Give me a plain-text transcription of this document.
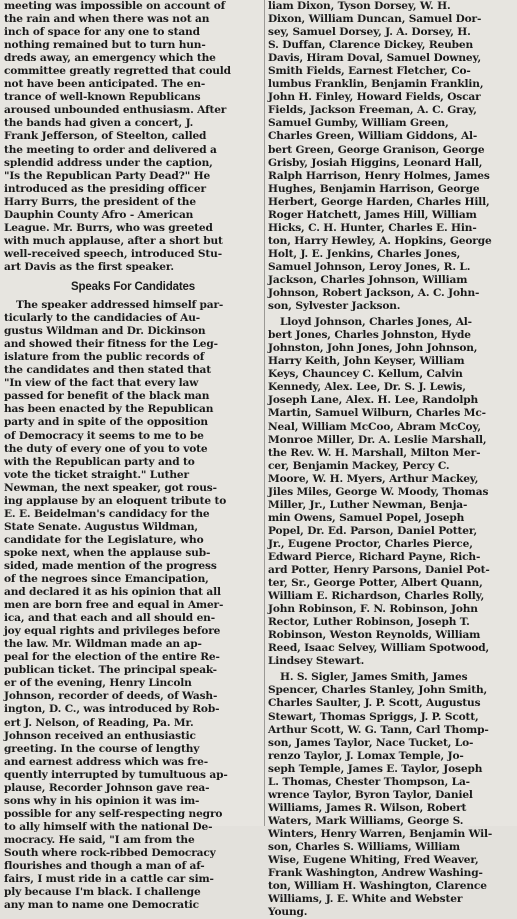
meeting was impossible on account of
the rain and when there was not an
inch of space for any one to stand
nothing remained but to turn hun-
dreds away, an emergency which the
committee greatly regretted that could
not have been anticipated. The en-
trance of well-known Republicans
aroused unbounded enthusiasm. After
the bands had given a concert, J.
Frank Jefferson, of Steelton, called
the meeting to order and delivered a
splendid address under the caption,
"Is the Republican Party Dead?" He
introduced as the presiding officer
Harry Burrs, the president of the
Dauphin County Afro - American
League. Mr. Burrs, who was greeted
with much applause, after a short but
well-received speech, introduced Stu-
art Davis as the first speaker.
Speaks For Candidates
The speaker addressed himself par-
ticularly to the candidacies of Au-
gustus Wildman and Dr. Dickinson
and showed their fitness for the Leg-
islature from the public records of
the candidates and then stated that
"In view of the fact that every law
passed for benefit of the black man
has been enacted by the Republican
party and in spite of the opposition
of Democracy it seems to me to be
the duty of every one of you to vote
with the Republican party and to
vote the ticket straight." Luther
Newman, the next speaker, got rous-
ing applause by an eloquent tribute to
E. E. Beidelman's candidacy for the
State Senate. Augustus Wildman,
candidate for the Legislature, who
spoke next, when the applause sub-
sided, made mention of the progress
of the negroes since Emancipation,
and declared it as his opinion that all
men are born free and equal in Amer-
ica, and that each and all should en-
joy equal rights and privileges before
the law. Mr. Wildman made an ap-
peal for the election of the entire Re-
publican ticket. The principal speak-
er of the evening, Henry Lincoln
Johnson, recorder of deeds, of Wash-
ington, D. C., was introduced by Rob-
ert J. Nelson, of Reading, Pa. Mr.
Johnson received an enthusiastic
greeting. In the course of lengthy
and earnest address which was fre-
quently interrupted by tumultuous ap-
plause, Recorder Johnson gave rea-
sons why in his opinion it was im-
possible for any self-respecting negro
to ally himself with the national De-
mocracy. He said, "I am from the
South where rock-ribbed Democracy
flourishes and though a man of af-
fairs, I must ride in a cattle car sim-
ply because I'm black. I challenge
any man to name one Democratic
liam Dixon, Tyson Dorsey, W. H.
Dixon, William Duncan, Samuel Dor-
sey, Samuel Dorsey, J. A. Dorsey, H.
S. Duffan, Clarence Dickey, Reuben
Davis, Hiram Doval, Samuel Downey,
Smith Fields, Earnest Fletcher, Co-
lumbus Franklin, Benjamin Franklin,
John H. Finley, Howard Fields, Oscar
Fields, Jackson Freeman, A. C. Gray,
Samuel Gumby, William Green,
Charles Green, William Giddons, Al-
bert Green, George Granison, George
Grisby, Josiah Higgins, Leonard Hall,
Ralph Harrison, Henry Holmes, James
Hughes, Benjamin Harrison, George
Herbert, George Harden, Charles Hill,
Roger Hatchett, James Hill, William
Hicks, C. H. Hunter, Charles E. Hin-
ton, Harry Hewley, A. Hopkins, George
Holt, J. E. Jenkins, Charles Jones,
Samuel Johnson, Leroy Jones, R. L.
Jackson, Charles Johnson, William
Johnson, Robert Jackson, A. C. John-
son, Sylvester Jackson.
Lloyd Johnson, Charles Jones, Al-
bert Jones, Charles Johnston, Hyde
Johnston, John Jones, John Johnson,
Harry Keith, John Keyser, William
Keys, Chauncey C. Kellum, Calvin
Kennedy, Alex. Lee, Dr. S. J. Lewis,
Joseph Lane, Alex. H. Lee, Randolph
Martin, Samuel Wilburn, Charles Mc-
Neal, William McCoo, Abram McCoy,
Monroe Miller, Dr. A. Leslie Marshall,
the Rev. W. H. Marshall, Milton Mer-
cer, Benjamin Mackey, Percy C.
Moore, W. H. Myers, Arthur Mackey,
Jiles Miles, George W. Moody, Thomas
Miller, Jr., Luther Newman, Benja-
min Owens, Samuel Popel, Joseph
Popel, Dr. Ed. Parson, Daniel Potter,
Jr., Eugene Proctor, Charles Pierce,
Edward Pierce, Richard Payne, Rich-
ard Potter, Henry Parsons, Daniel Pot-
ter, Sr., George Potter, Albert Quann,
William E. Richardson, Charles Rolly,
John Robinson, F. N. Robinson, John
Rector, Luther Robinson, Joseph T.
Robinson, Weston Reynolds, William
Reed, Isaac Selvey, William Spotwood,
Lindsey Stewart.
H. S. Sigler, James Smith, James
Spencer, Charles Stanley, John Smith,
Charles Saulter, J. P. Scott, Augustus
Stewart, Thomas Spriggs, J. P. Scott,
Arthur Scott, W. G. Tann, Carl Thomp-
son, James Taylor, Nace Tucket, Lo-
renzo Taylor, J. Lomax Temple, Jo-
seph Temple, James E. Taylor, Joseph
L. Thomas, Chester Thompson, La-
wrence Taylor, Byron Taylor, Daniel
Williams, James R. Wilson, Robert
Waters, Mark Williams, George S.
Winters, Henry Warren, Benjamin Wil-
son, Charles S. Williams, William
Wise, Eugene Whiting, Fred Weaver,
Frank Washington, Andrew Washing-
ton, William H. Washington, Clarence
Williams, J. E. White and Webster
Young.
